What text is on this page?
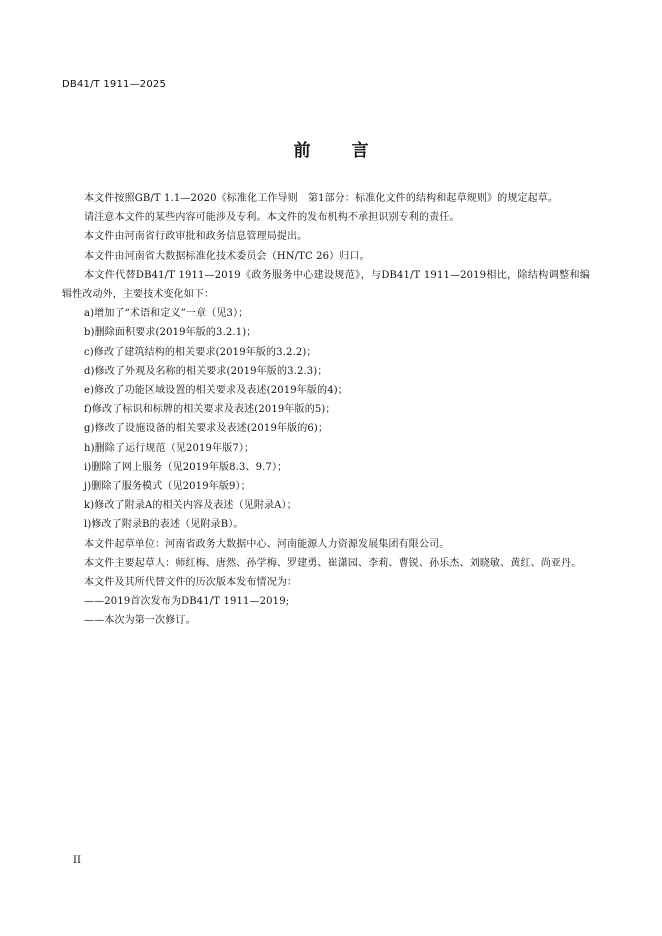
DB41/T 1911—2025

前 言

本文件按照GB/T 1.1—2020《标准化工作导则　第1部分：标准化文件的结构和起草规则》的规定起草。

请注意本文件的某些内容可能涉及专利。本文件的发布机构不承担识别专利的责任。

本文件由河南省行政审批和政务信息管理局提出。

本文件由河南省大数据标准化技术委员会（HN/TC 26）归口。

本文件代替DB41/T 1911—2019《政务服务中心建设规范》，与DB41/T 1911—2019相比，除结构调整和编辑性改动外，主要技术变化如下：

a)增加了“术语和定义”一章（见3）；

b)删除面积要求(2019年版的3.2.1)；

c)修改了建筑结构的相关要求(2019年版的3.2.2)；

d)修改了外观及名称的相关要求(2019年版的3.2.3)；

e)修改了功能区域设置的相关要求及表述(2019年版的4)；

f)修改了标识和标牌的相关要求及表述(2019年版的5)；

g)修改了设施设备的相关要求及表述(2019年版的6)；

h)删除了运行规范（见2019年版7）；

i)删除了网上服务（见2019年版8.3、9.7）；

j)删除了服务模式（见2019年版9）；

k)修改了附录A的相关内容及表述（见附录A）；

l)修改了附录B的表述（见附录B）。

本文件起草单位：河南省政务大数据中心、河南能源人力资源发展集团有限公司。

本文件主要起草人：师红梅、唐然、孙学梅、罗建勇、崔潇园、李莉、曹锐、孙乐杰、刘晓敏、黄红、尚亚丹。

本文件及其所代替文件的历次版本发布情况为：

——2019首次发布为DB41/T 1911—2019;

——本次为第一次修订。

II
